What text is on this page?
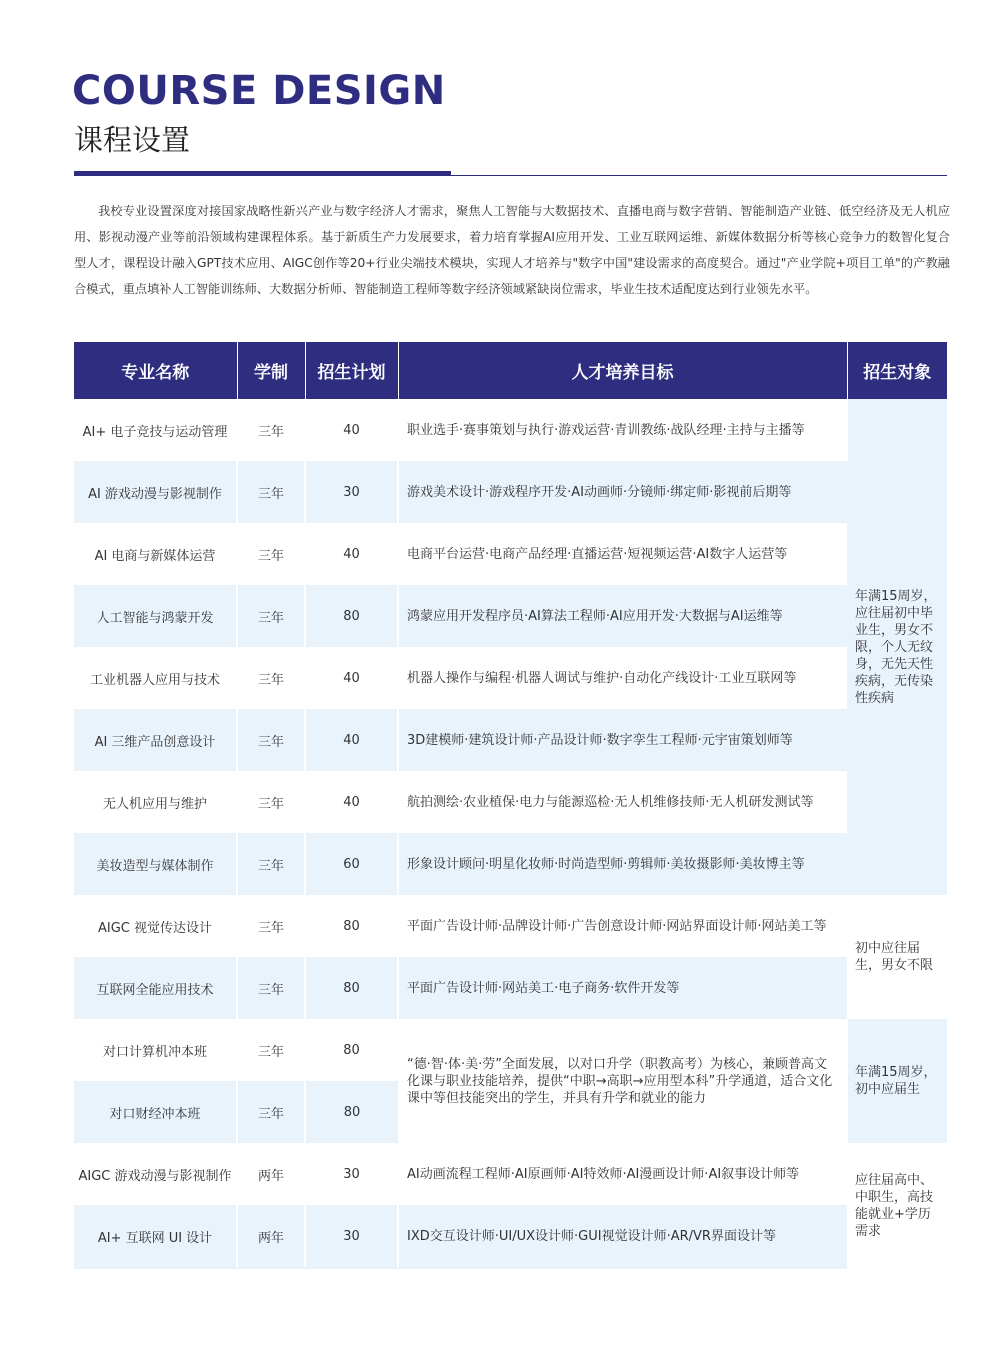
COURSE DESIGN
课程设置

我校专业设置深度对接国家战略性新兴产业与数字经济人才需求，聚焦人工智能与大数据技术、直播电商与数字营销、智能制造产业链、低空经济及无人机应用、影视动漫产业等前沿领域构建课程体系。基于新质生产力发展要求，着力培育掌握AI应用开发、工业互联网运维、新媒体数据分析等核心竞争力的数智化复合型人才，课程设计融入GPT技术应用、AIGC创作等20+行业尖端技术模块，实现人才培养与"数字中国"建设需求的高度契合。通过"产业学院+项目工单"的产教融合模式，重点填补人工智能训练师、大数据分析师、智能制造工程师等数字经济领域紧缺岗位需求，毕业生技术适配度达到行业领先水平。

专业名称	学制	招生计划	人才培养目标	招生对象
AI+ 电子竞技与运动管理	三年	40	职业选手·赛事策划与执行·游戏运营·青训教练·战队经理·主持与主播等	年满15周岁，应往届初中毕业生，男女不限，个人无纹身，无先天性疾病，无传染性疾病
AI 游戏动漫与影视制作	三年	30	游戏美术设计·游戏程序开发·AI动画师·分镜师·绑定师·影视前后期等	
AI 电商与新媒体运营	三年	40	电商平台运营·电商产品经理·直播运营·短视频运营·AI数字人运营等	
人工智能与鸿蒙开发	三年	80	鸿蒙应用开发程序员·AI算法工程师·AI应用开发·大数据与AI运维等	
工业机器人应用与技术	三年	40	机器人操作与编程·机器人调试与维护·自动化产线设计·工业互联网等	
AI 三维产品创意设计	三年	40	3D建模师·建筑设计师·产品设计师·数字孪生工程师·元宇宙策划师等	
无人机应用与维护	三年	40	航拍测绘·农业植保·电力与能源巡检·无人机维修技师·无人机研发测试等	
美妆造型与媒体制作	三年	60	形象设计顾问·明星化妆师·时尚造型师·剪辑师·美妆摄影师·美妆博主等	
AIGC 视觉传达设计	三年	80	平面广告设计师·品牌设计师·广告创意设计师·网站界面设计师·网站美工等	初中应往届生，男女不限
互联网全能应用技术	三年	80	平面广告设计师·网站美工·电子商务·软件开发等	
对口计算机冲本班	三年	80	“德·智·体·美·劳”全面发展，以对口升学（职教高考）为核心，兼顾普高文化课与职业技能培养，提供“中职→高职→应用型本科”升学通道，适合文化课中等但技能突出的学生，并具有升学和就业的能力	年满15周岁，初中应届生
对口财经冲本班	三年	80		
AIGC 游戏动漫与影视制作	两年	30	AI动画流程工程师·AI原画师·AI特效师·AI漫画设计师·AI叙事设计师等	应往届高中、中职生，高技能就业+学历需求
AI+ 互联网 UI 设计	两年	30	IXD交互设计师·UI/UX设计师·GUI视觉设计师·AR/VR界面设计等	
